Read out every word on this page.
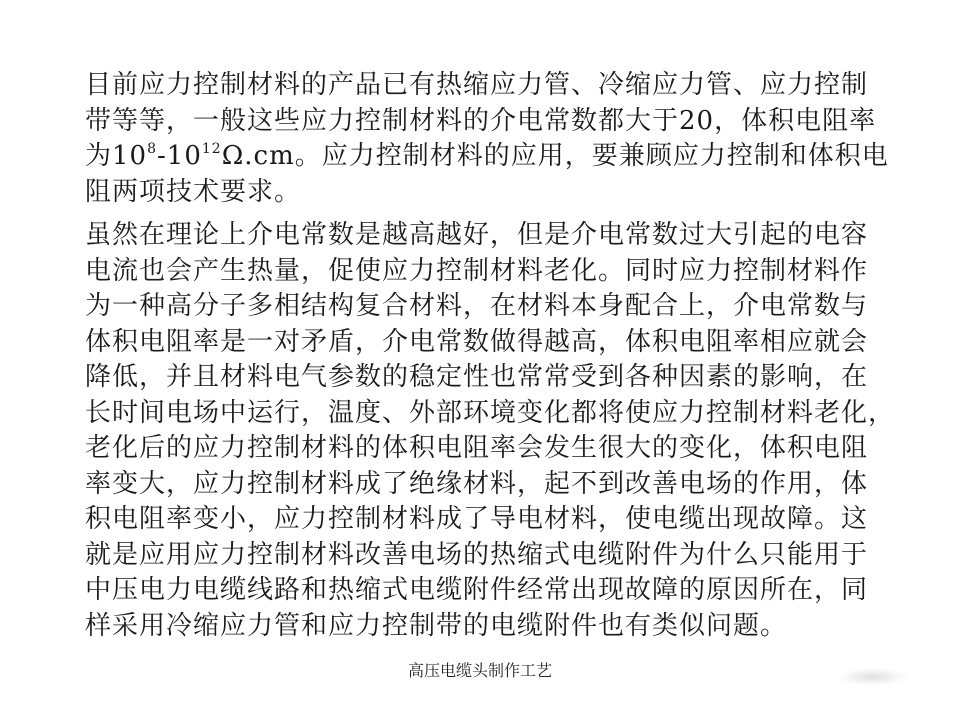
目前应力控制材料的产品已有热缩应力管、冷缩应力管、应力控制
带等等，一般这些应力控制材料的介电常数都大于20，体积电阻率
为$10^8-10^{12}\Omega.cm$。应力控制材料的应用，要兼顾应力控制和体积电
阻两项技术要求。

虽然在理论上介电常数是越高越好，但是介电常数过大引起的电容
电流也会产生热量，促使应力控制材料老化。同时应力控制材料作
为一种高分子多相结构复合材料，在材料本身配合上，介电常数与
体积电阻率是一对矛盾，介电常数做得越高，体积电阻率相应就会
降低，并且材料电气参数的稳定性也常常受到各种因素的影响，在
长时间电场中运行，温度、外部环境变化都将使应力控制材料老化，
老化后的应力控制材料的体积电阻率会发生很大的变化，体积电阻
率变大，应力控制材料成了绝缘材料，起不到改善电场的作用，体
积电阻率变小，应力控制材料成了导电材料，使电缆出现故障。这
就是应用应力控制材料改善电场的热缩式电缆附件为什么只能用于
中压电力电缆线路和热缩式电缆附件经常出现故障的原因所在，同
样采用冷缩应力管和应力控制带的电缆附件也有类似问题。

高压电缆头制作工艺
